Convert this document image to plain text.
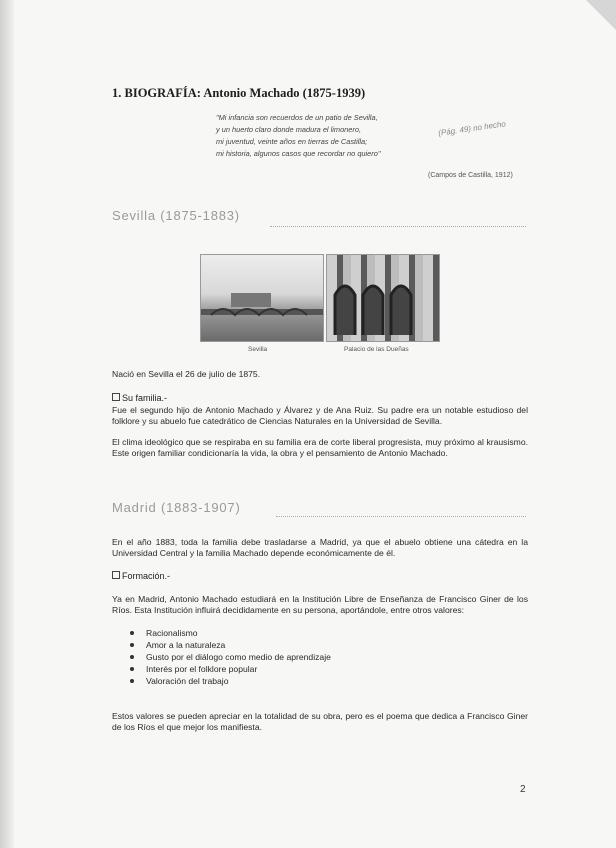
1. BIOGRAFÍA: Antonio Machado (1875-1939)
"Mi infancia son recuerdos de un patio de Sevilla,
y un huerto claro donde madura el limonero,
mi juventud, veinte años en tierras de Castilla;
mi historia, algunos casos que recordar no quiero"
(Pág. 49) no hecho
(Campos de Castilla, 1912)
Sevilla (1875-1883)
Sevilla	Palacio de las Dueñas
Nació en Sevilla el 26 de julio de 1875.
Su familia.-
Fue el segundo hijo de Antonio Machado y Álvarez y de Ana Ruiz. Su padre era un notable estudioso del folklore y su abuelo fue catedrático de Ciencias Naturales en la Universidad de Sevilla.
El clima ideológico que se respiraba en su familia era de corte liberal progresista, muy próximo al krausismo. Este origen familiar condicionaría la vida, la obra y el pensamiento de Antonio Machado.
Madrid (1883-1907)
En el año 1883, toda la familia debe trasladarse a Madrid, ya que el abuelo obtiene una cátedra en la Universidad Central y la familia Machado depende económicamente de él.
Formación.-
Ya en Madrid, Antonio Machado estudiará en la Institución Libre de Enseñanza de Francisco Giner de los Ríos. Esta Institución influirá decididamente en su persona, aportándole, entre otros valores:
Racionalismo
Amor a la naturaleza
Gusto por el diálogo como medio de aprendizaje
Interés por el folklore popular
Valoración del trabajo
Estos valores se pueden apreciar en la totalidad de su obra, pero es el poema que dedica a Francisco Giner de los Ríos el que mejor los manifiesta.
2
